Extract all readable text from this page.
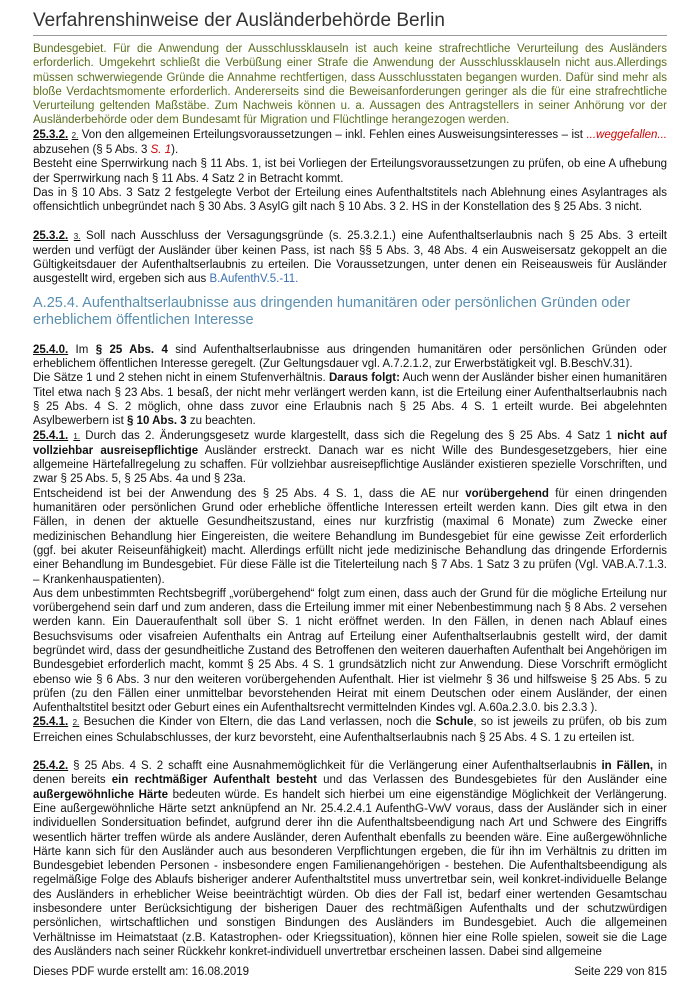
Verfahrenshinweise der Ausländerbehörde Berlin

Bundesgebiet. Für die Anwendung der Ausschlussklauseln ist auch keine strafrechtliche Verurteilung des Ausländers erforderlich. Umgekehrt schließt die Verbüßung einer Strafe die Anwendung der Ausschlussklauseln nicht aus.Allerdings müssen schwerwiegende Gründe die Annahme rechtfertigen, dass Ausschlusstaten begangen wurden. Dafür sind mehr als bloße Verdachtsmomente erforderlich. Andererseits sind die Beweisanforderungen geringer als die für eine strafrechtliche Verurteilung geltenden Maßstäbe. Zum Nachweis können u. a. Aussagen des Antragstellers in seiner Anhörung vor der Ausländerbehörde oder dem Bundesamt für Migration und Flüchtlinge herangezogen werden.

25.3.2. 2. Von den allgemeinen Erteilungsvoraussetzungen – inkl. Fehlen eines Ausweisungsinteresses – ist ...weggefallen... abzusehen (§ 5 Abs. 3 S. 1).

Besteht eine Sperrwirkung nach § 11 Abs. 1, ist bei Vorliegen der Erteilungsvoraussetzungen zu prüfen, ob eine A ufhebung der Sperrwirkung nach § 11 Abs. 4 Satz 2 in Betracht kommt.

Das in § 10 Abs. 3 Satz 2 festgelegte Verbot der Erteilung eines Aufenthaltstitels nach Ablehnung eines Asylantrages als offensichtlich unbegründet nach § 30 Abs. 3 AsylG gilt nach § 10 Abs. 3 2. HS in der Konstellation des § 25 Abs. 3 nicht.

25.3.2. 3. Soll nach Ausschluss der Versagungsgründe (s. 25.3.2.1.) eine Aufenthaltserlaubnis nach § 25 Abs. 3 erteilt werden und verfügt der Ausländer über keinen Pass, ist nach §§ 5 Abs. 3, 48 Abs. 4 ein Ausweisersatz gekoppelt an die Gültigkeitsdauer der Aufenthaltserlaubnis zu erteilen. Die Voraussetzungen, unter denen ein Reiseausweis für Ausländer ausgestellt wird, ergeben sich aus B.AufenthV.5.-11.

A.25.4. Aufenthaltserlaubnisse aus dringenden humanitären oder persönlichen Gründen oder erheblichem öffentlichen Interesse

25.4.0. Im § 25 Abs. 4 sind Aufenthaltserlaubnisse aus dringenden humanitären oder persönlichen Gründen oder erheblichem öffentlichen Interesse geregelt. (Zur Geltungsdauer vgl. A.7.2.1.2, zur Erwerbstätigkeit vgl. B.BeschV.31).

Die Sätze 1 und 2 stehen nicht in einem Stufenverhältnis. Daraus folgt: Auch wenn der Ausländer bisher einen humanitären Titel etwa nach § 23 Abs. 1 besaß, der nicht mehr verlängert werden kann, ist die Erteilung einer Aufenthaltserlaubnis nach § 25 Abs. 4 S. 2 möglich, ohne dass zuvor eine Erlaubnis nach § 25 Abs. 4 S. 1 erteilt wurde. Bei abgelehnten Asylbewerbern ist § 10 Abs. 3 zu beachten.

25.4.1. 1. Durch das 2. Änderungsgesetz wurde klargestellt, dass sich die Regelung des § 25 Abs. 4 Satz 1 nicht auf vollziehbar ausreisepflichtige Ausländer erstreckt. Danach war es nicht Wille des Bundesgesetzgebers, hier eine allgemeine Härtefallregelung zu schaffen. Für vollziehbar ausreisepflichtige Ausländer existieren spezielle Vorschriften, und zwar § 25 Abs. 5, § 25 Abs. 4a und § 23a.

Entscheidend ist bei der Anwendung des § 25 Abs. 4 S. 1, dass die AE nur vorübergehend für einen dringenden humanitären oder persönlichen Grund oder erhebliche öffentliche Interessen erteilt werden kann. Dies gilt etwa in den Fällen, in denen der aktuelle Gesundheitszustand, eines nur kurzfristig (maximal 6 Monate) zum Zwecke einer medizinischen Behandlung hier Eingereisten, die weitere Behandlung im Bundesgebiet für eine gewisse Zeit erforderlich (ggf. bei akuter Reiseunfähigkeit) macht. Allerdings erfüllt nicht jede medizinische Behandlung das dringende Erfordernis einer Behandlung im Bundesgebiet. Für diese Fälle ist die Titelerteilung nach § 7 Abs. 1 Satz 3 zu prüfen (Vgl. VAB.A.7.1.3. – Krankenhauspatienten).

Aus dem unbestimmten Rechtsbegriff „vorübergehend“ folgt zum einen, dass auch der Grund für die mögliche Erteilung nur vorübergehend sein darf und zum anderen, dass die Erteilung immer mit einer Nebenbestimmung nach § 8 Abs. 2 versehen werden kann. Ein Daueraufenthalt soll über S. 1 nicht eröffnet werden. In den Fällen, in denen nach Ablauf eines Besuchsvisums oder visafreien Aufenthalts ein Antrag auf Erteilung einer Aufenthaltserlaubnis gestellt wird, der damit begründet wird, dass der gesundheitliche Zustand des Betroffenen den weiteren dauerhaften Aufenthalt bei Angehörigen im Bundesgebiet erforderlich macht, kommt § 25 Abs. 4 S. 1 grundsätzlich nicht zur Anwendung. Diese Vorschrift ermöglicht ebenso wie § 6 Abs. 3 nur den weiteren vorübergehenden Aufenthalt. Hier ist vielmehr § 36 und hilfsweise § 25 Abs. 5 zu prüfen (zu den Fällen einer unmittelbar bevorstehenden Heirat mit einem Deutschen oder einem Ausländer, der einen Aufenthaltstitel besitzt oder Geburt eines ein Aufenthaltsrecht vermittelnden Kindes vgl. A.60a.2.3.0. bis 2.3.3 ).

25.4.1. 2. Besuchen die Kinder von Eltern, die das Land verlassen, noch die Schule, so ist jeweils zu prüfen, ob bis zum Erreichen eines Schulabschlusses, der kurz bevorsteht, eine Aufenthaltserlaubnis nach § 25 Abs. 4 S. 1 zu erteilen ist.

25.4.2. § 25 Abs. 4 S. 2 schafft eine Ausnahmemöglichkeit für die Verlängerung einer Aufenthaltserlaubnis in Fällen, in denen bereits ein rechtmäßiger Aufenthalt besteht und das Verlassen des Bundesgebietes für den Ausländer eine außergewöhnliche Härte bedeuten würde. Es handelt sich hierbei um eine eigenständige Möglichkeit der Verlängerung. Eine außergewöhnliche Härte setzt anknüpfend an Nr. 25.4.2.4.1 AufenthG-VwV voraus, dass der Ausländer sich in einer individuellen Sondersituation befindet, aufgrund derer ihn die Aufenthaltsbeendigung nach Art und Schwere des Eingriffs wesentlich härter treffen würde als andere Ausländer, deren Aufenthalt ebenfalls zu beenden wäre. Eine außergewöhnliche Härte kann sich für den Ausländer auch aus besonderen Verpflichtungen ergeben, die für ihn im Verhältnis zu dritten im Bundesgebiet lebenden Personen - insbesondere engen Familienangehörigen - bestehen. Die Aufenthaltsbeendigung als regelmäßige Folge des Ablaufs bisheriger anderer Aufenthaltstitel muss unvertretbar sein, weil konkret-individuelle Belange des Ausländers in erheblicher Weise beeinträchtigt würden. Ob dies der Fall ist, bedarf einer wertenden Gesamtschau insbesondere unter Berücksichtigung der bisherigen Dauer des rechtmäßigen Aufenthalts und der schutzwürdigen persönlichen, wirtschaftlichen und sonstigen Bindungen des Ausländers im Bundesgebiet. Auch die allgemeinen Verhältnisse im Heimatstaat (z.B. Katastrophen- oder Kriegssituation), können hier eine Rolle spielen, soweit sie die Lage des Ausländers nach seiner Rückkehr konkret-individuell unvertretbar erscheinen lassen. Dabei sind allgemeine

Dieses PDF wurde erstellt am: 16.08.2019	Seite 229 von 815
